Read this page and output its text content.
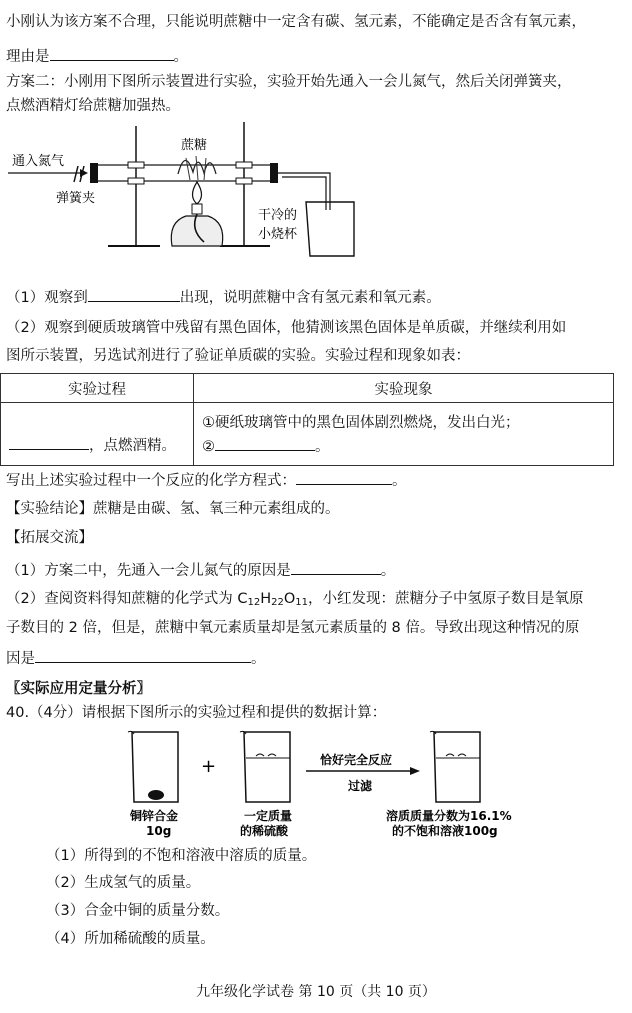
小刚认为该方案不合理，只能说明蔗糖中一定含有碳、氢元素，不能确定是否含有氧元素，
理由是	。
方案二：小刚用下图所示装置进行实验，实验开始先通入一会儿氮气，然后关闭弹簧夹，
点燃酒精灯给蔗糖加强热。
通入氮气
弹簧夹
蔗糖
干冷的
小烧杯
（1）观察到	出现，说明蔗糖中含有氢元素和氧元素。
（2）观察到硬质玻璃管中残留有黑色固体，他猜测该黑色固体是单质碳，并继续利用如
图所示装置，另选试剂进行了验证单质碳的实验。实验过程和现象如表：
实验过程	实验现象

，点燃酒精。	①硬纸玻璃管中的黑色固体剧烈燃烧，发出白光；
② 。
写出上述实验过程中一个反应的化学方程式：	。
【实验结论】蔗糖是由碳、氢、氧三种元素组成的。
【拓展交流】
（1）方案二中，先通入一会儿氮气的原因是	。
（2）查阅资料得知蔗糖的化学式为 $C_{12}H_{22}O_{11}$，小红发现：蔗糖分子中氢原子数目是氧原
子数目的 2 倍，但是，蔗糖中氧元素质量却是氢元素质量的 8 倍。导致出现这种情况的原
因是	。
〖实际应用定量分析〗
40.（4分）请根据下图所示的实验过程和提供的数据计算：
+
铜锌合金
10g
一定质量
的稀硫酸
恰好完全反应
过滤
溶质质量分数为16.1%
的不饱和溶液100g
（1）所得到的不饱和溶液中溶质的质量。
（2）生成氢气的质量。
（3）合金中铜的质量分数。
（4）所加稀硫酸的质量。
九年级化学试卷 第 10 页（共 10 页）
